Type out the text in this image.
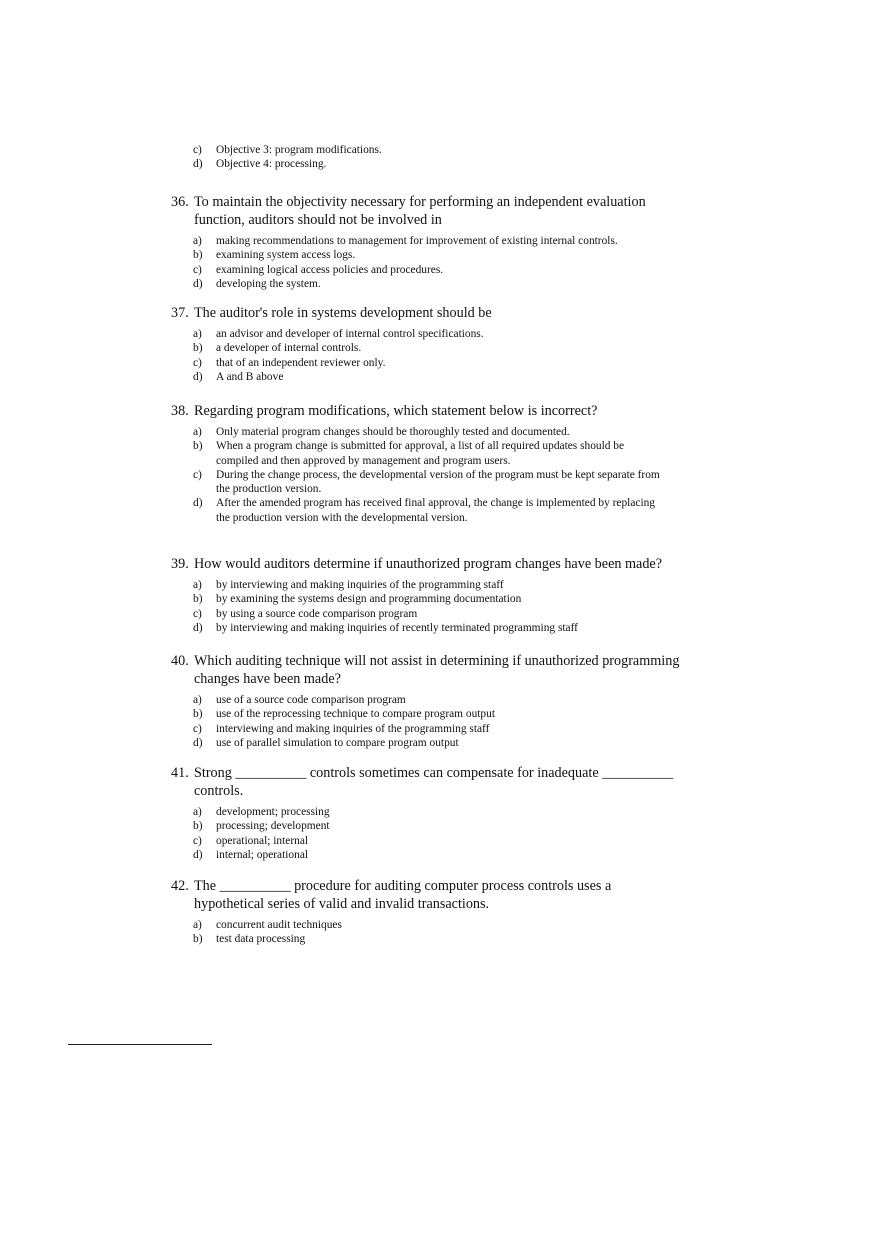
c) Objective 3: program modifications.
d) Objective 4: processing.
36. To maintain the objectivity necessary for performing an independent evaluation
function, auditors should not be involved in
a) making recommendations to management for improvement of existing internal controls.
b) examining system access logs.
c) examining logical access policies and procedures.
d) developing the system.
37. The auditor's role in systems development should be
a) an advisor and developer of internal control specifications.
b) a developer of internal controls.
c) that of an independent reviewer only.
d) A and B above
38. Regarding program modifications, which statement below is incorrect?
a) Only material program changes should be thoroughly tested and documented.
b) When a program change is submitted for approval, a list of all required updates should be
compiled and then approved by management and program users.
c) During the change process, the developmental version of the program must be kept separate from
the production version.
d) After the amended program has received final approval, the change is implemented by replacing
the production version with the developmental version.
39. How would auditors determine if unauthorized program changes have been made?
a) by interviewing and making inquiries of the programming staff
b) by examining the systems design and programming documentation
c) by using a source code comparison program
d) by interviewing and making inquiries of recently terminated programming staff
40. Which auditing technique will not assist in determining if unauthorized programming
changes have been made?
a) use of a source code comparison program
b) use of the reprocessing technique to compare program output
c) interviewing and making inquiries of the programming staff
d) use of parallel simulation to compare program output
41. Strong __________ controls sometimes can compensate for inadequate __________
controls.
a) development; processing
b) processing; development
c) operational; internal
d) internal; operational
42. The __________ procedure for auditing computer process controls uses a
hypothetical series of valid and invalid transactions.
a) concurrent audit techniques
b) test data processing
